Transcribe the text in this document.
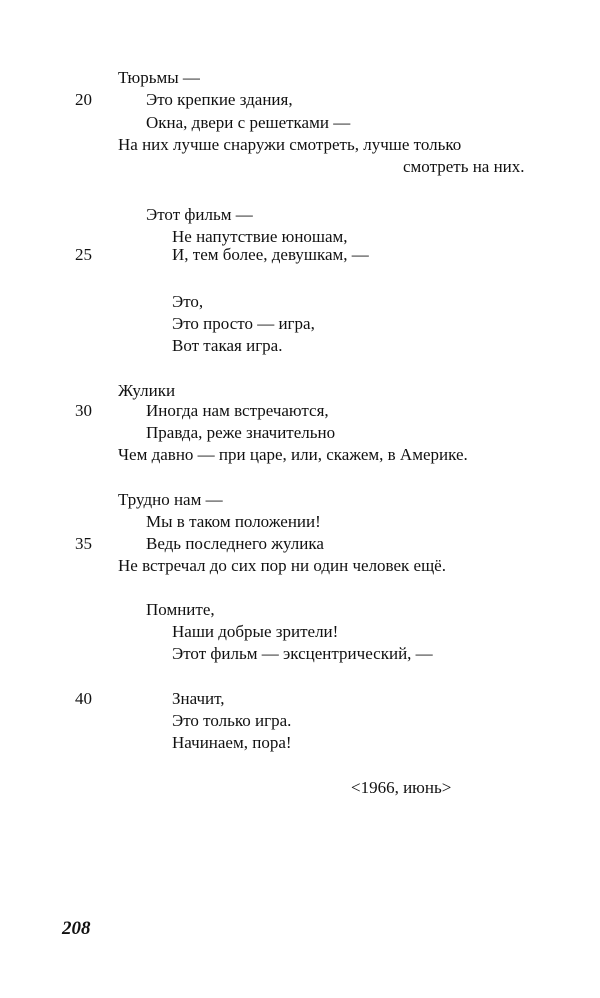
Тюрьмы —
20	Это крепкие здания,
Окна, двери с решетками —
На них лучше снаружи смотреть, лучше только
смотреть на них.
Этот фильм —
Не напутствие юношам,
25	И, тем более, девушкам, —
Это,
Это просто — игра,
Вот такая игра.
Жулики
30	Иногда нам встречаются,
Правда, реже значительно
Чем давно — при царе, или, скажем, в Америке.
Трудно нам —
Мы в таком положении!
35	Ведь последнего жулика
Не встречал до сих пор ни один человек ещё.
Помните,
Наши добрые зрители!
Этот фильм — эксцентрический, —
40	Значит,
Это только игра.
Начинаем, пора!
<1966, июнь>
208
